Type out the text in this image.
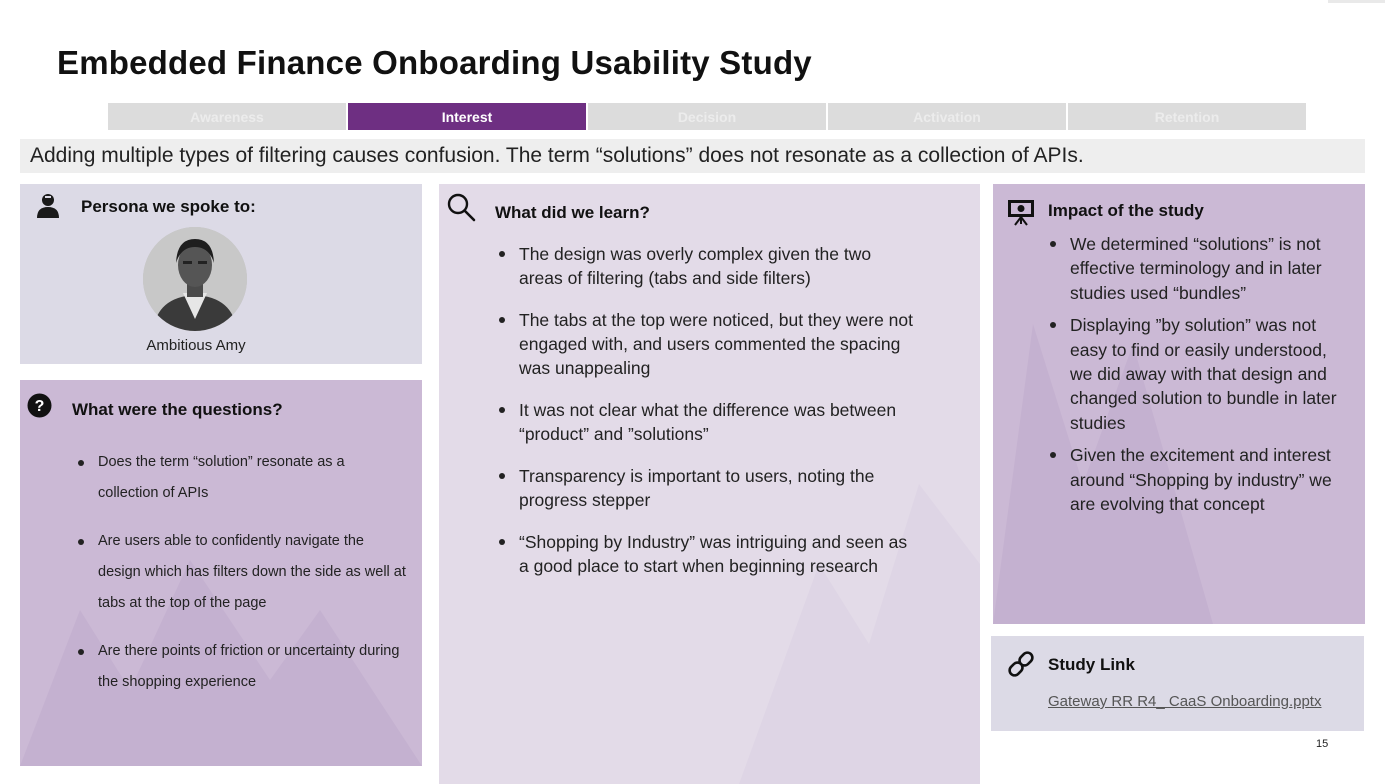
Embedded Finance Onboarding Usability Study
Awareness	Interest	Decision	Activation	Retention
Adding multiple types of filtering causes confusion. The term “solutions” does not resonate as a collection of APIs.
Persona we spoke to:
Ambitious Amy
? What were the questions?
Does the term “solution” resonate as a collection of APIs
Are users able to confidently navigate the design which has filters down the side as well at tabs at the top of the page
Are there points of friction or uncertainty during the shopping experience
What did we learn?
The design was overly complex given the two areas of filtering (tabs and side filters)
The tabs at the top were noticed, but they were not engaged with, and users commented the spacing was unappealing
It was not clear what the difference was between “product” and ”solutions”
Transparency is important to users, noting the progress stepper
“Shopping by Industry” was intriguing and seen as a good place to start when beginning research
Impact of the study
We determined “solutions” is not effective terminology and in later studies used “bundles”
Displaying ”by solution” was not easy to find or easily understood, we did away with that design and changed solution to bundle in later studies
Given the excitement and interest around “Shopping by industry” we are evolving that concept
Study Link
Gateway RR R4_ CaaS Onboarding.pptx
15
